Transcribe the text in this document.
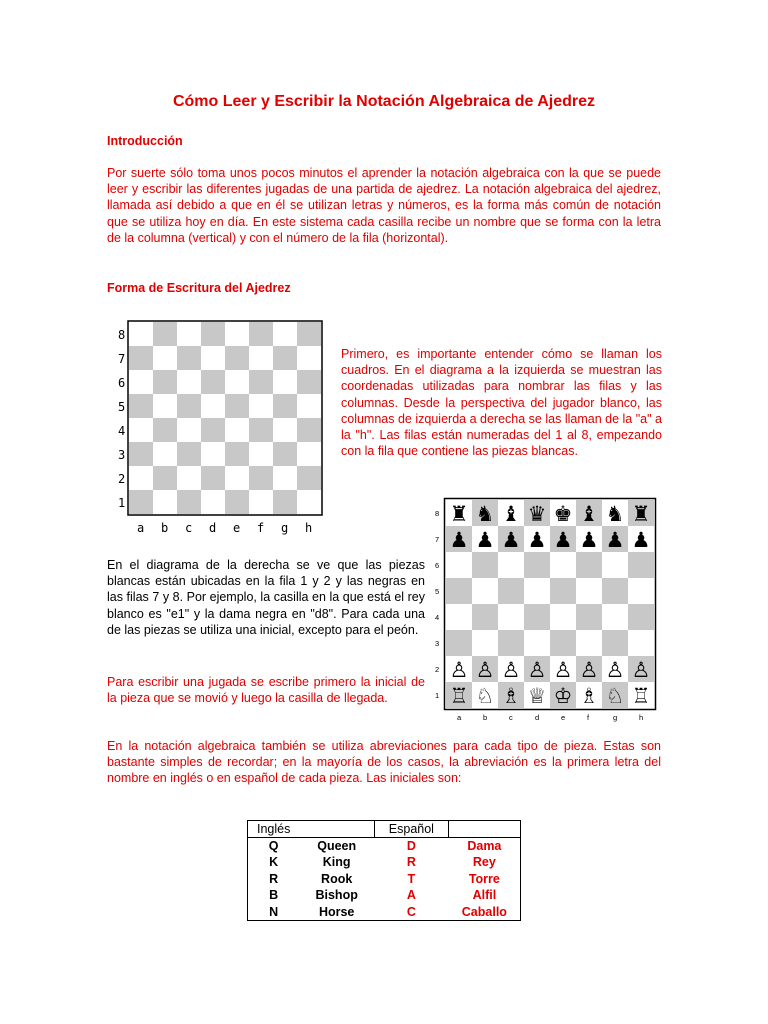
Cómo Leer y Escribir la Notación Algebraica de Ajedrez
Introducción
Por suerte sólo toma unos pocos minutos el aprender la notación algebraica con la que se puede leer y escribir las diferentes jugadas de una partida de ajedrez. La notación algebraica del ajedrez, llamada así debido a que en él se utilizan letras y números, es la forma más común de notación que se utiliza hoy en día. En este sistema cada casilla recibe un nombre que se forma con la letra de la columna (vertical) y con el número de la fila (horizontal).
Forma de Escritura del Ajedrez
8
7
6
5
4
3
2
1
a b c d e f g h
Primero, es importante entender cómo se llaman los cuadros. En el diagrama a la izquierda se muestran las coordenadas utilizadas para nombrar las filas y las columnas. Desde la perspectiva del jugador blanco, las columnas de izquierda a derecha se las llaman de la "a" a la "h". Las filas están numeradas del 1 al 8, empezando con la fila que contiene las piezas blancas.
8
7
6
5
4
3
2
1
a	b	c	d	e	f	g	h
♜ ♞ ♝ ♛ ♚ ♝ ♞ ♜
♟ ♟ ♟ ♟ ♟ ♟ ♟ ♟
♙ ♙ ♙ ♙ ♙ ♙ ♙ ♙
♖ ♘ ♗ ♕ ♔ ♗ ♘ ♖
En el diagrama de la derecha se ve que las piezas blancas están ubicadas en la fila 1 y 2 y las negras en las filas 7 y 8. Por ejemplo, la casilla en la que está el rey blanco es "e1" y la dama negra en "d8". Para cada una de las piezas se utiliza una inicial, excepto para el peón.
Para escribir una jugada se escribe primero la inicial de la pieza que se movió y luego la casilla de llegada.
En la notación algebraica también se utiliza abreviaciones para cada tipo de pieza. Estas son bastante simples de recordar; en la mayoría de los casos, la abreviación es la primera letra del nombre en inglés o en español de cada pieza. Las iniciales son:
Inglés		Español	
Q	Queen	D	Dama
K	King	R	Rey
R	Rook	T	Torre
B	Bishop	A	Alfil
N	Horse	C	Caballo
